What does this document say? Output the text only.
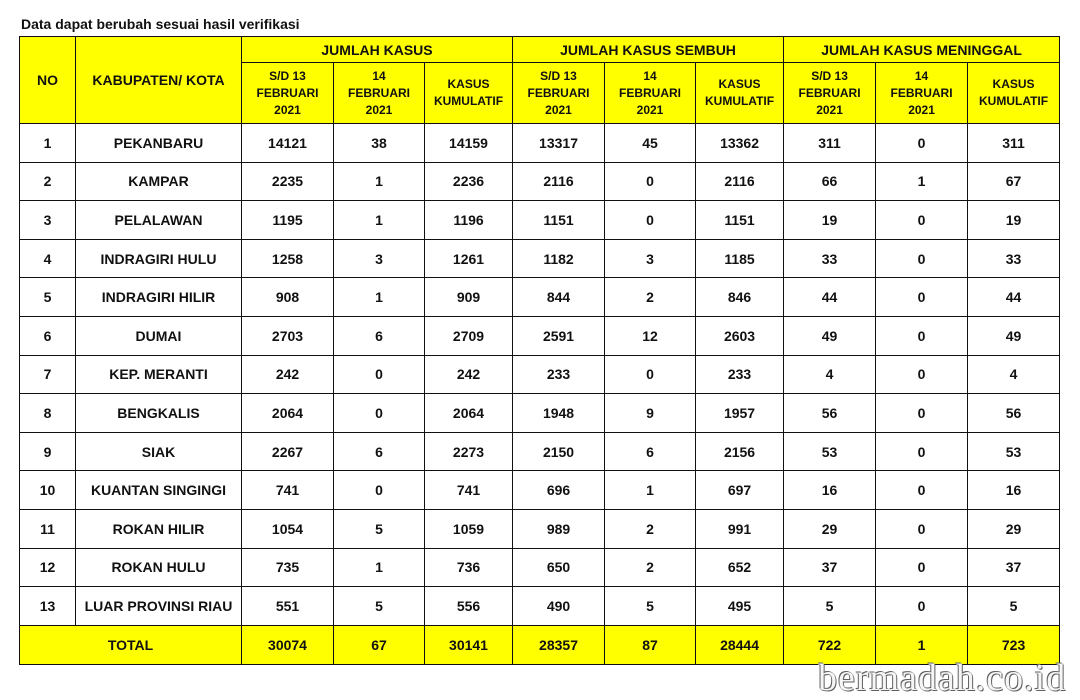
Data dapat berubah sesuai hasil verifikasi
NO	KABUPATEN/ KOTA	JUMLAH KASUS			JUMLAH KASUS SEMBUH			JUMLAH KASUS MENINGGAL		
		S/D 13
FEBRUARI
2021	14
FEBRUARI
2021	KASUS
KUMULATIF	S/D 13
FEBRUARI
2021	14
FEBRUARI
2021	KASUS
KUMULATIF	S/D 13
FEBRUARI
2021	14
FEBRUARI
2021	KASUS
KUMULATIF
1	PEKANBARU	14121	38	14159	13317	45	13362	311	0	311
2	KAMPAR	2235	1	2236	2116	0	2116	66	1	67
3	PELALAWAN	1195	1	1196	1151	0	1151	19	0	19
4	INDRAGIRI HULU	1258	3	1261	1182	3	1185	33	0	33
5	INDRAGIRI HILIR	908	1	909	844	2	846	44	0	44
6	DUMAI	2703	6	2709	2591	12	2603	49	0	49
7	KEP. MERANTI	242	0	242	233	0	233	4	0	4
8	BENGKALIS	2064	0	2064	1948	9	1957	56	0	56
9	SIAK	2267	6	2273	2150	6	2156	53	0	53
10	KUANTAN SINGINGI	741	0	741	696	1	697	16	0	16
11	ROKAN HILIR	1054	5	1059	989	2	991	29	0	29
12	ROKAN HULU	735	1	736	650	2	652	37	0	37
13	LUAR PROVINSI RIAU	551	5	556	490	5	495	5	0	5
TOTAL		30074	67	30141	28357	87	28444	722	1	723
bermadah.co.id
